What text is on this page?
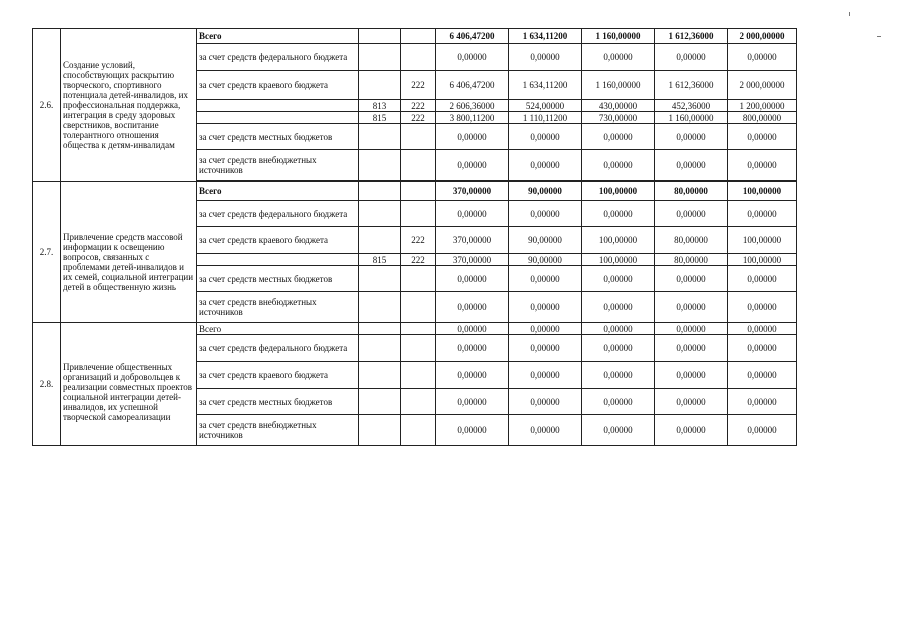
2.6.	Создание условий, способствующих раскрытию творческого, спортивного потенциала детей-инвалидов, их профессиональная поддержка, интеграция в среду здоровых сверстников, воспитание толерантного отношения общества к детям-инвалидам	Всего			6 406,47200	1 634,11200	1 160,00000	1 612,36000	2 000,00000
		за счет средств федерального бюджета			0,00000	0,00000	0,00000	0,00000	0,00000
		за счет средств краевого бюджета		222	6 406,47200	1 634,11200	1 160,00000	1 612,36000	2 000,00000
			813	222	2 606,36000	524,00000	430,00000	452,36000	1 200,00000
			815	222	3 800,11200	1 110,11200	730,00000	1 160,00000	800,00000
		за счет средств местных бюджетов			0,00000	0,00000	0,00000	0,00000	0,00000
		за счет средств внебюджетных источников			0,00000	0,00000	0,00000	0,00000	0,00000

2.7.	Привлечение средств массовой информации к освещению вопросов, связанных с проблемами детей-инвалидов и их семей, социальной интеграции детей в общественную жизнь	Всего			370,00000	90,00000	100,00000	80,00000	100,00000
		за счет средств федерального бюджета			0,00000	0,00000	0,00000	0,00000	0,00000
		за счет средств краевого бюджета		222	370,00000	90,00000	100,00000	80,00000	100,00000
			815	222	370,00000	90,00000	100,00000	80,00000	100,00000
		за счет средств местных бюджетов			0,00000	0,00000	0,00000	0,00000	0,00000
		за счет средств внебюджетных источников			0,00000	0,00000	0,00000	0,00000	0,00000
2.8.	Привлечение общественных организаций и добровольцев к реализации совместных проектов социальной интеграции детей-инвалидов, их успешной творческой самореализации	Всего			0,00000	0,00000	0,00000	0,00000	0,00000
		за счет средств федерального бюджета			0,00000	0,00000	0,00000	0,00000	0,00000
		за счет средств краевого бюджета			0,00000	0,00000	0,00000	0,00000	0,00000
		за счет средств местных бюджетов			0,00000	0,00000	0,00000	0,00000	0,00000
		за счет средств внебюджетных источников			0,00000	0,00000	0,00000	0,00000	0,00000
